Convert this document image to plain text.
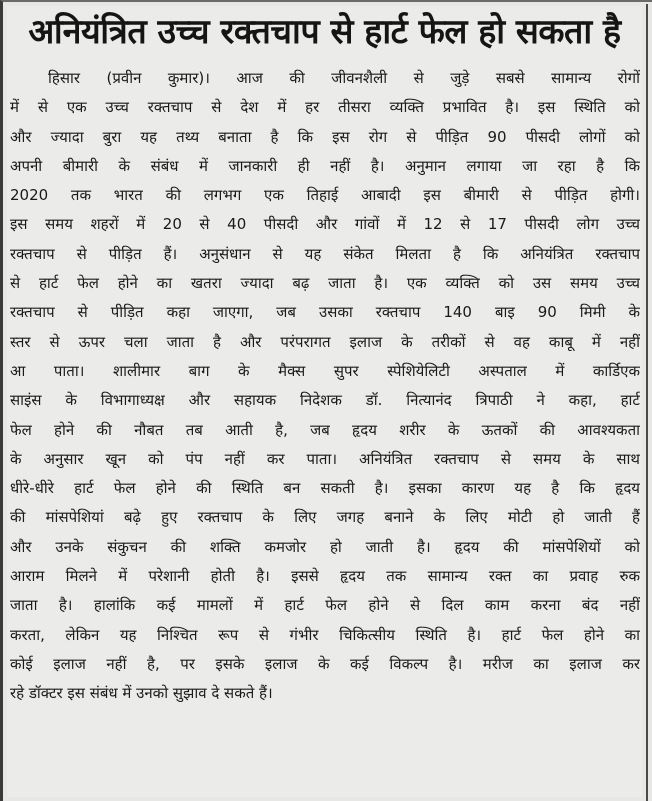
अनियंत्रित उच्च रक्तचाप से हार्ट फेल हो सकता है
हिसार (प्रवीन कुमार)। आज की जीवनशैली से जुड़े सबसे सामान्य रोगों
में से एक उच्च रक्तचाप से देश में हर तीसरा व्यक्ति प्रभावित है। इस स्थिति को
और ज्यादा बुरा यह तथ्य बनाता है कि इस रोग से पीड़ित 90 पीसदी लोगों को
अपनी बीमारी के संबंध में जानकारी ही नहीं है। अनुमान लगाया जा रहा है कि
2020 तक भारत की लगभग एक तिहाई आबादी इस बीमारी से पीड़ित होगी।
इस समय शहरों में 20 से 40 पीसदी और गांवों में 12 से 17 पीसदी लोग उच्च
रक्तचाप से पीड़ित हैं। अनुसंधान से यह संकेत मिलता है कि अनियंत्रित रक्तचाप
से हार्ट फेल होने का खतरा ज्यादा बढ़ जाता है। एक व्यक्ति को उस समय उच्च
रक्तचाप से पीड़ित कहा जाएगा, जब उसका रक्तचाप 140 बाइ 90 मिमी के
स्तर से ऊपर चला जाता है और परंपरागत इलाज के तरीकों से वह काबू में नहीं
आ पाता। शालीमार बाग के मैक्स सुपर स्पेशियेलिटी अस्पताल में कार्डिएक
साइंस के विभागाध्यक्ष और सहायक निदेशक डॉ. नित्यानंद त्रिपाठी ने कहा, हार्ट
फेल होने की नौबत तब आती है, जब हृदय शरीर के ऊतकों की आवश्यकता
के अनुसार खून को पंप नहीं कर पाता। अनियंत्रित रक्तचाप से समय के साथ
धीरे-धीरे हार्ट फेल होने की स्थिति बन सकती है। इसका कारण यह है कि हृदय
की मांसपेशियां बढ़े हुए रक्तचाप के लिए जगह बनाने के लिए मोटी हो जाती हैं
और उनके संकुचन की शक्ति कमजोर हो जाती है। हृदय की मांसपेशियों को
आराम मिलने में परेशानी होती है। इससे हृदय तक सामान्य रक्त का प्रवाह रुक
जाता है। हालांकि कई मामलों में हार्ट फेल होने से दिल काम करना बंद नहीं
करता, लेकिन यह निश्चित रूप से गंभीर चिकित्सीय स्थिति है। हार्ट फेल होने का
कोई इलाज नहीं है, पर इसके इलाज के कई विकल्प है। मरीज का इलाज कर
रहे डॉक्टर इस संबंध में उनको सुझाव दे सकते हैं।
